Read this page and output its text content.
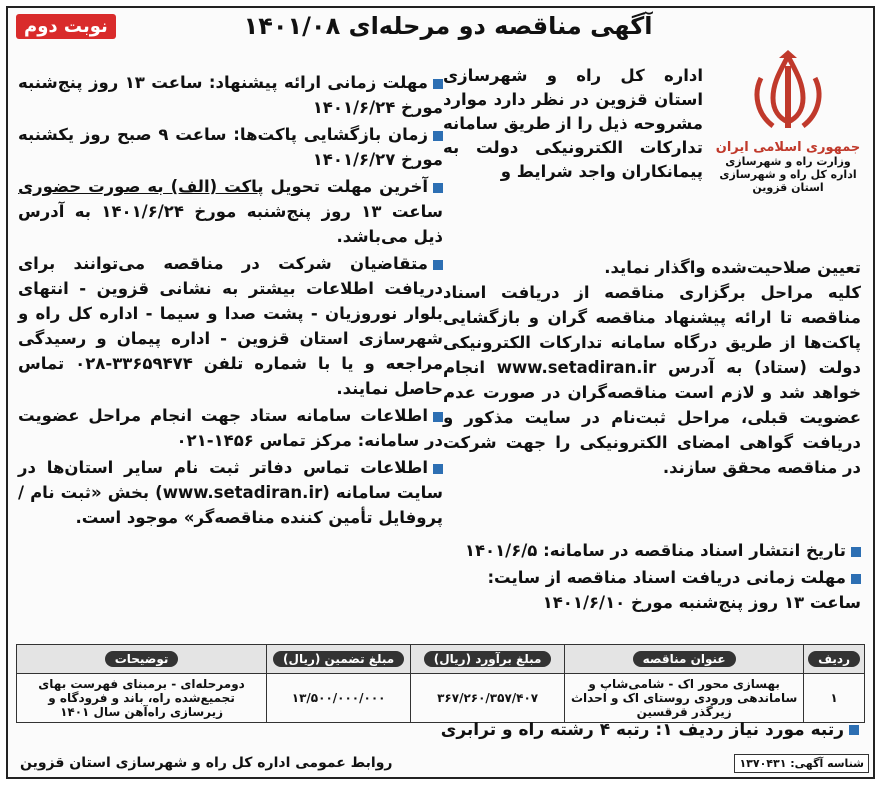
آگهی مناقصه دو مرحله‌ای ۱۴۰۱/۰۸
نوبت دوم
جمهوری اسلامی ایران
وزارت راه و شهرسازی
اداره کل راه و شهرسازی استان قزوین
اداره کل راه و شهرسازی استان قزوین در نظر دارد موارد مشروحه ذیل را از طریق سامانه تدارکات الکترونیکی دولت به پیمانکاران واجد شرایط و
تعیین صلاحیت‌شده واگذار نماید.

کلیه مراحل برگزاری مناقصه از دریافت اسناد مناقصه تا ارائه پیشنهاد مناقصه گران و بازگشایی پاکت‌ها از طریق درگاه سامانه تدارکات الکترونیکی دولت (ستاد) به آدرس www.setadiran.ir انجام خواهد شد و لازم است مناقصه‌گران در صورت عدم عضویت قبلی، مراحل ثبت‌نام در سایت مذکور و دریافت گواهی امضای الکترونیکی را جهت شرکت در مناقصه محقق سازند.

تاریخ انتشار اسناد مناقصه در سامانه: ۱۴۰۱/۶/۵

مهلت زمانی دریافت اسناد مناقصه از سایت: ساعت ۱۳ روز پنج‌شنبه مورخ ۱۴۰۱/۶/۱۰

مهلت زمانی ارائه پیشنهاد: ساعت ۱۳ روز پنج‌شنبه مورخ ۱۴۰۱/۶/۲۴

زمان بازگشایی پاکت‌ها: ساعت ۹ صبح روز یکشنبه مورخ ۱۴۰۱/۶/۲۷

آخرین مهلت تحویل پاکت (الف) به صورت حضوری ساعت ۱۳ روز پنج‌شنبه مورخ ۱۴۰۱/۶/۲۴ به آدرس ذیل می‌باشد.

متقاضیان شرکت در مناقصه می‌توانند برای دریافت اطلاعات بیشتر به نشانی قزوین - انتهای بلوار نوروزیان - پشت صدا و سیما - اداره کل راه و شهرسازی استان قزوین - اداره پیمان و رسیدگی مراجعه و یا با شماره تلفن ۳۳۶۵۹۴۷۴-۰۲۸ تماس حاصل نمایند.

اطلاعات سامانه ستاد جهت انجام مراحل عضویت در سامانه: مرکز تماس ۱۴۵۶-۰۲۱

اطلاعات تماس دفاتر ثبت نام سایر استان‌ها در سایت سامانه (www.setadiran.ir) بخش «ثبت نام / پروفایل تأمین کننده مناقصه‌گر» موجود است.

ردیف	عنوان مناقصه	مبلغ برآورد (ریال)	مبلغ تضمین (ریال)	توضیحات
۱	بهسازی محور اک - شامی‌شاپ و ساماندهی ورودی روستای اک و احداث زیرگذر قرقسین	۳۶۷/۲۶۰/۳۵۷/۴۰۷	۱۳/۵۰۰/۰۰۰/۰۰۰	دومرحله‌ای - برمبنای فهرست بهای تجمیع‌شده راه، باند و فرودگاه و زیرسازی راه‌آهن سال ۱۴۰۱
رتبه مورد نیاز ردیف ۱: رتبه ۴ رشته راه و ترابری
روابط عمومی اداره کل راه و شهرسازی استان قزوین	شناسه آگهی: ۱۳۷۰۴۳۱
